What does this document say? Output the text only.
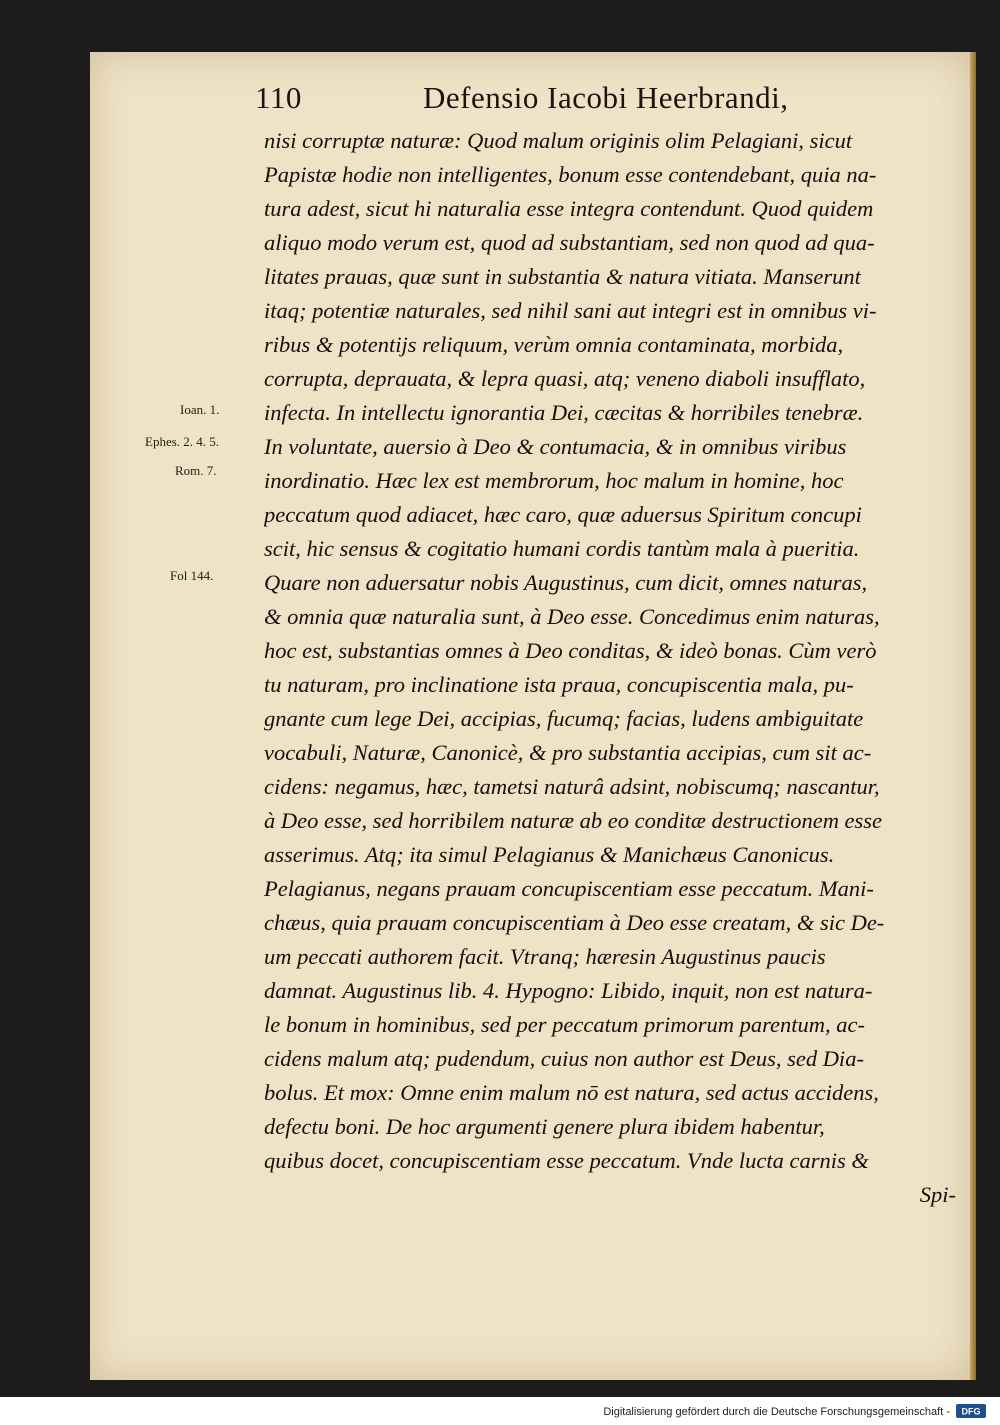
110	Defensio Iacobi Heerbrandi,
nisi corruptæ naturæ: Quod malum originis olim Pelagiani, sicut
Papistæ hodie non intelligentes, bonum esse contendebant, quia na-
tura adest, sicut hi naturalia esse integra contendunt. Quod quidem
aliquo modo verum est, quod ad substantiam, sed non quod ad qua-
litates prauas, quæ sunt in substantia & natura vitiata. Manserunt
itaq; potentiæ naturales, sed nihil sani aut integri est in omnibus vi-
ribus & potentijs reliquum, verùm omnia contaminata, morbida,
corrupta, deprauata, & lepra quasi, atq; veneno diaboli insufflato,
infecta. In intellectu ignorantia Dei, cæcitas & horribiles tenebræ.
In voluntate, auersio à Deo & contumacia, & in omnibus viribus
inordinatio. Hæc lex est membrorum, hoc malum in homine, hoc
peccatum quod adiacet, hæc caro, quæ aduersus Spiritum concupi
scit, hic sensus & cogitatio humani cordis tantùm mala à pueritia.
Quare non aduersatur nobis Augustinus, cum dicit, omnes naturas,
& omnia quæ naturalia sunt, à Deo esse. Concedimus enim naturas,
hoc est, substantias omnes à Deo conditas, & ideò bonas. Cùm verò
tu naturam, pro inclinatione ista praua, concupiscentia mala, pu-
gnante cum lege Dei, accipias, fucumq; facias, ludens ambiguitate
vocabuli, Naturæ, Canonicè, & pro substantia accipias, cum sit ac-
cidens: negamus, hæc, tametsi naturâ adsint, nobiscumq; nascantur,
à Deo esse, sed horribilem naturæ ab eo conditæ destructionem esse
asserimus. Atq; ita simul Pelagianus & Manichæus Canonicus.
Pelagianus, negans prauam concupiscentiam esse peccatum. Mani-
chæus, quia prauam concupiscentiam à Deo esse creatam, & sic De-
um peccati authorem facit. Vtranq; hæresin Augustinus paucis
damnat. Augustinus lib. 4. Hypogno: Libido, inquit, non est natura-
le bonum in hominibus, sed per peccatum primorum parentum, ac-
cidens malum atq; pudendum, cuius non author est Deus, sed Dia-
bolus. Et mox: Omne enim malum nō est natura, sed actus accidens,
defectu boni. De hoc argumenti genere plura ibidem habentur,
quibus docet, concupiscentiam esse peccatum. Vnde lucta carnis &
Spi-
Ioan. 1.
Ephes. 2. 4. 5.
Rom. 7.
Fol 144.
Digitalisierung gefördert durch die Deutsche Forschungsgemeinschaft - DFG
